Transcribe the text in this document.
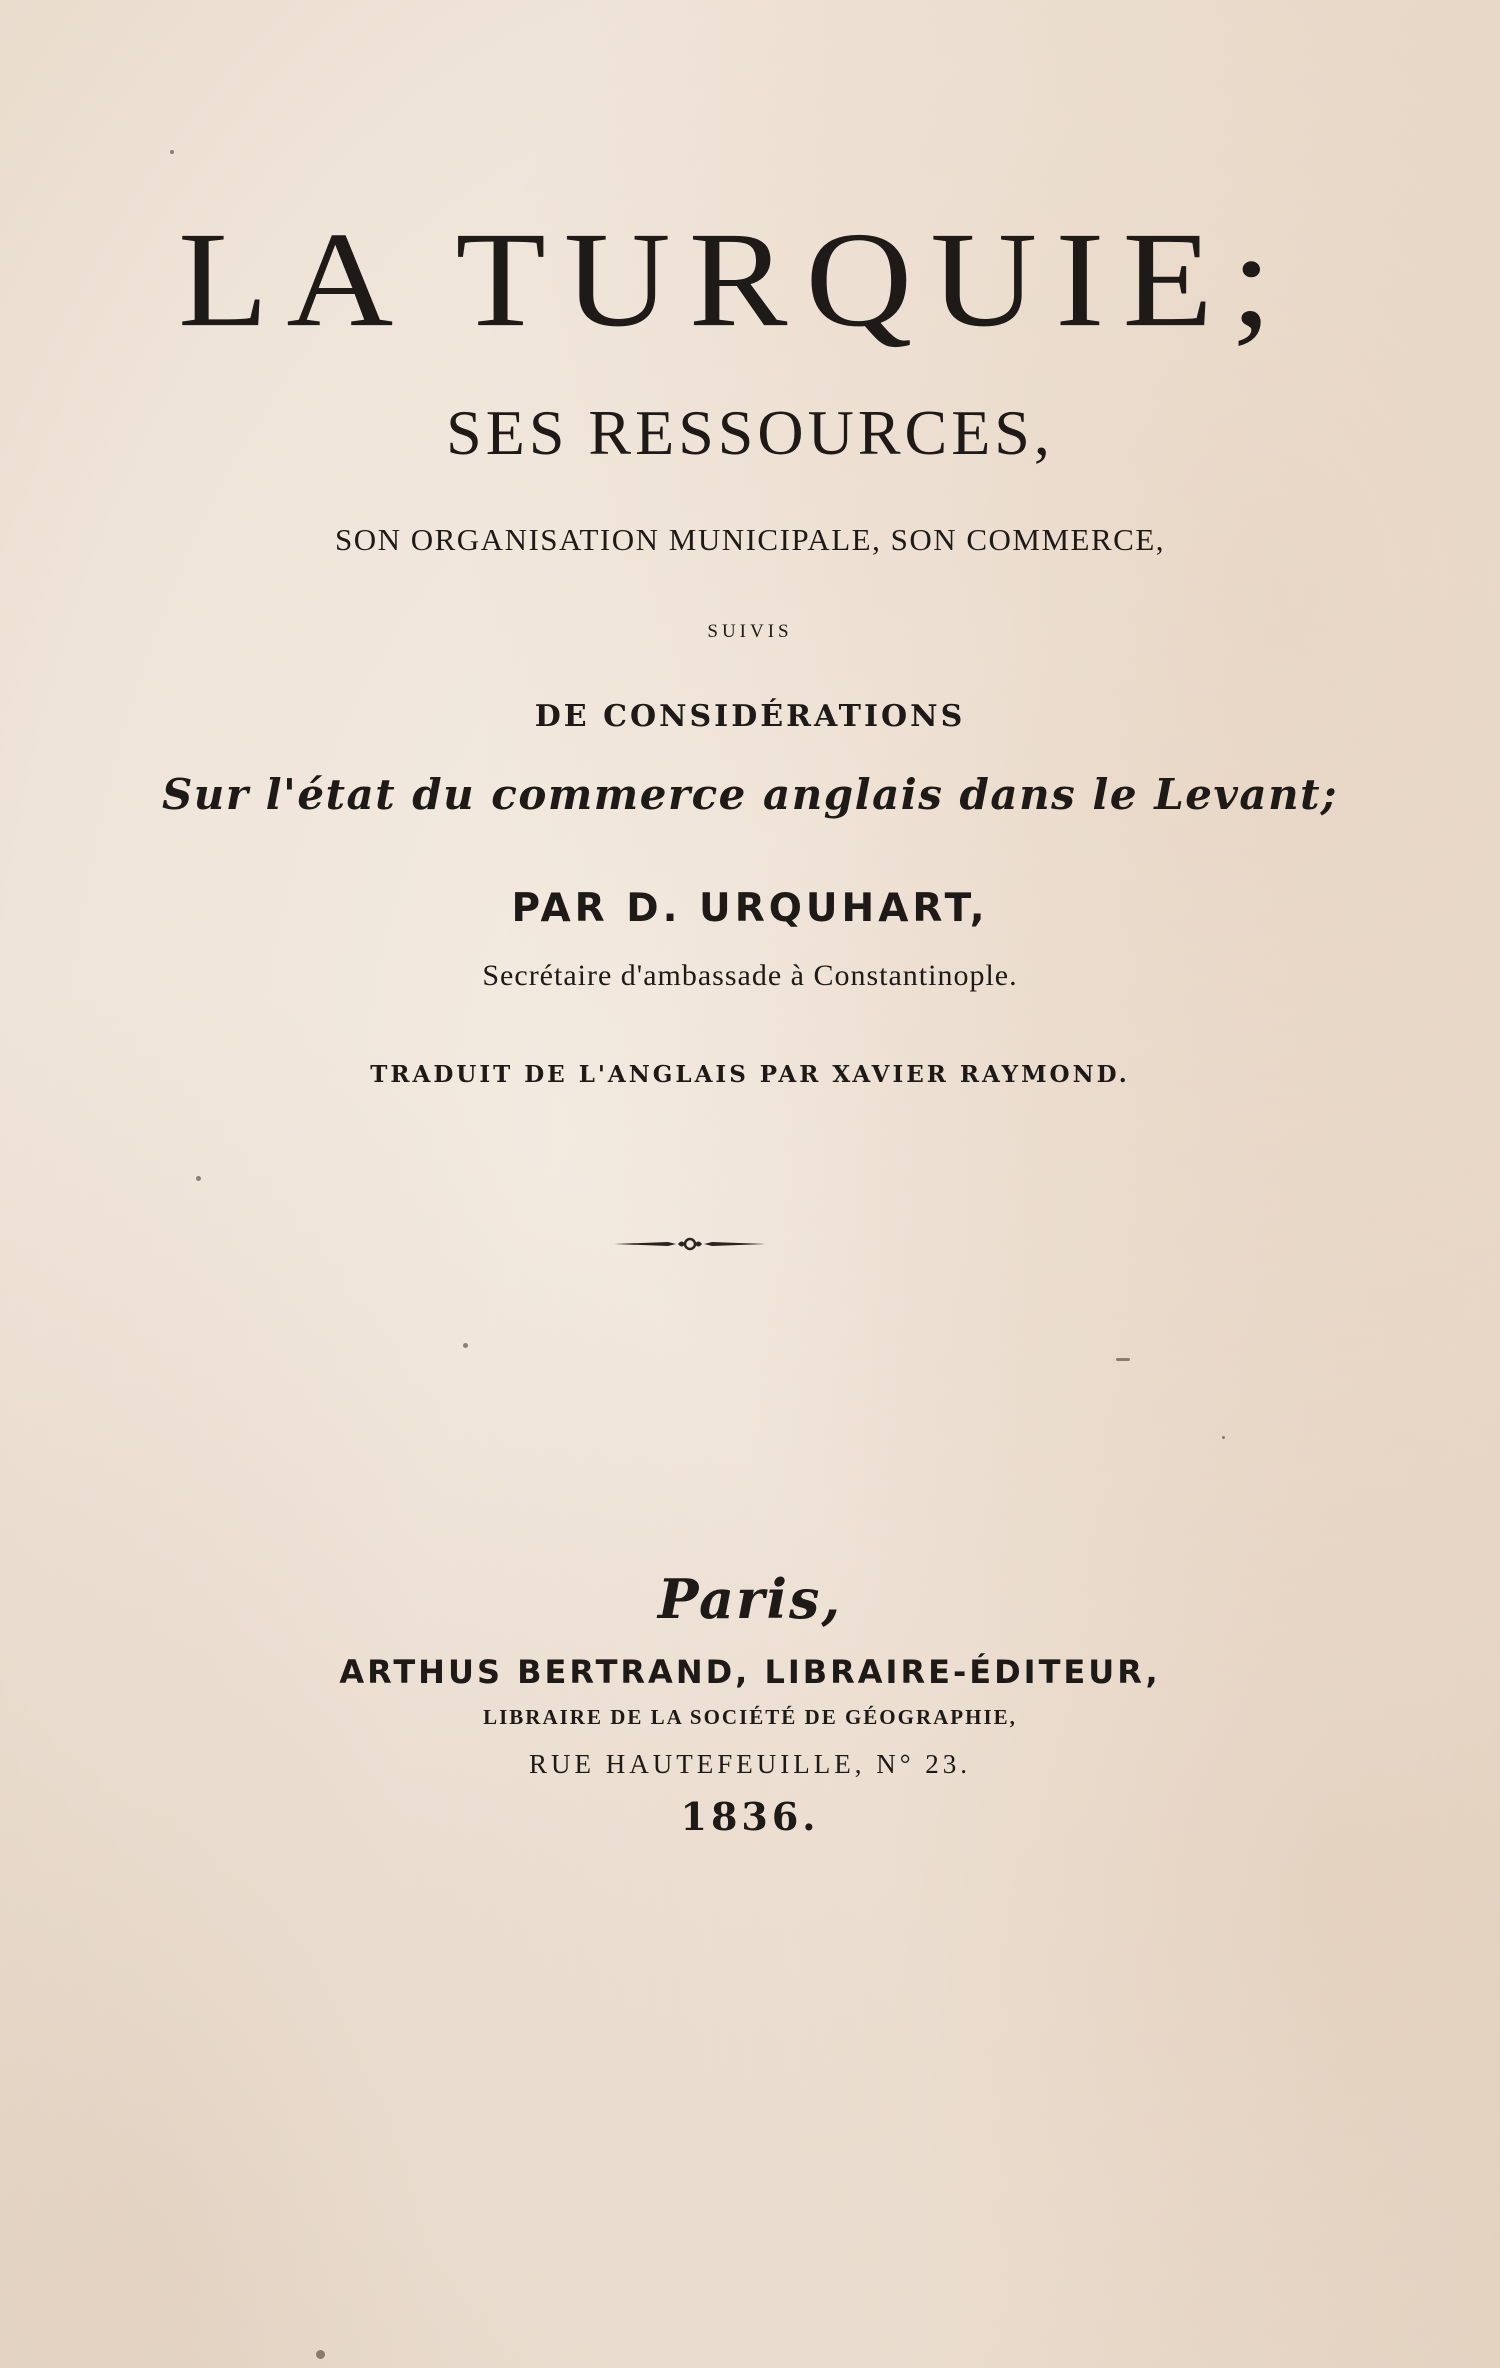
LA TURQUIE;
SES RESSOURCES,
SON ORGANISATION MUNICIPALE, SON COMMERCE,
SUIVIS
DE CONSIDÉRATIONS
Sur l'état du commerce anglais dans le Levant;
PAR D. URQUHART,
Secrétaire d'ambassade à Constantinople.
TRADUIT DE L'ANGLAIS PAR XAVIER RAYMOND.
Paris,
ARTHUS BERTRAND, LIBRAIRE-ÉDITEUR,
LIBRAIRE DE LA SOCIÉTÉ DE GÉOGRAPHIE,
RUE HAUTEFEUILLE, N° 23.
1836.
